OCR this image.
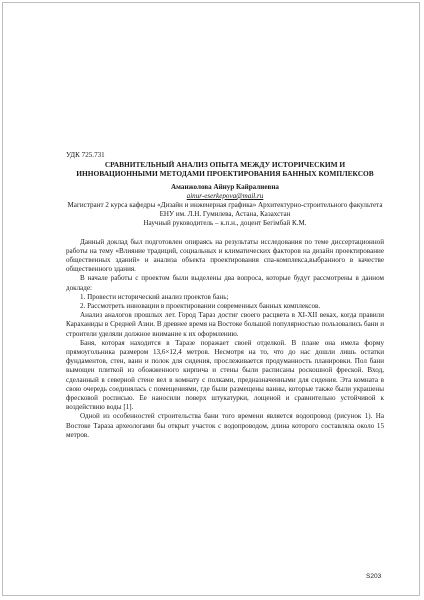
УДК 725.731

СРАВНИТЕЛЬНЫЙ АНАЛИЗ ОПЫТА МЕЖДУ ИСТОРИЧЕСКИМ И ИННОВАЦИОННЫМИ МЕТОДАМИ ПРОЕКТИРОВАНИЯ БАННЫХ КОМПЛЕКСОВ

Аманжолова Айнур Кайралиевна

ainur-eserkepova@mail.ru

Магистрант 2 курса кафедры «Дизайн и инженерная графика» Архитектурно-строительного факультета ЕНУ им. Л.Н. Гумилева, Астана, Казахстан

Научный руководитель – к.п.н., доцент Бегімбай К.М.

Данный доклад был подготовлен опираясь на результаты исследования по теме диссертационной работы на тему «Влияние традиций, социальных и климатических факторов на дизайн проектирование общественных зданий» и анализа объекта проектирования спа-комплекса,выбранного в качестве общественного здания.

В начале работы с проектом были выделены два вопроса, которые будут рассмотрены в данном докладе:

1. Провести исторический анализ проектов бань;

2. Рассмотреть инновации в проектировании современных банных комплексов.

Анализ аналогов прошлых лет. Город Тараз достиг своего расцвета в XI-XII веках, когда правили Караханиды в Средней Азии. В древнее время на Востоке большой популярностью пользовались бани и строители уделяли должное внимание к их оформлению.

Баня, которая находится в Таразе поражает своей отделкой. В плане она имела форму прямоугольника размером 13,6×12,4 метров. Несмотря на то, что до нас дошли лишь остатки фундаментов, стен, ванн и полок для сидения, прослеживается продуманность планировки. Пол бани вымощен плиткой из обожженного кирпича и стены были расписаны роскошной фреской. Вход, сделанный в северной стене вел в комнату с полками, предназначенными для сидения. Эта комната в свою очередь соединялась с помещениями, где были размещены ванны, которые также были украшены фресковой росписью. Ее наносили поверх штукатурки, лощеной и сравнительно устойчивой к воздействию воды [1].

Одной из особенностей строительства бани того времени является водопровод (рисунок 1). На Востоке Тараза археологами бы открыт участок с водопроводом, длина которого составляла около 15 метров.

S203
